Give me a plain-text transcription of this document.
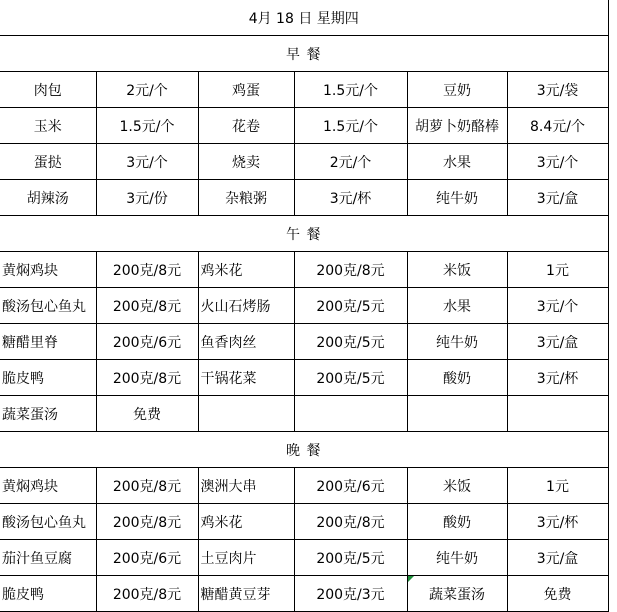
4月 18 日 星期四					
早 餐					
肉包	2元/个	鸡蛋	1.5元/个	豆奶	3元/袋
玉米	1.5元/个	花卷	1.5元/个	胡萝卜奶酪棒	8.4元/个
蛋挞	3元/个	烧卖	2元/个	水果	3元/个
胡辣汤	3元/份	杂粮粥	3元/杯	纯牛奶	3元/盒
午 餐					
黄焖鸡块	200克/8元	鸡米花	200克/8元	米饭	1元
酸汤包心鱼丸	200克/8元	火山石烤肠	200克/5元	水果	3元/个
糖醋里脊	200克/6元	鱼香肉丝	200克/5元	纯牛奶	3元/盒
脆皮鸭	200克/8元	干锅花菜	200克/5元	酸奶	3元/杯
蔬菜蛋汤	免费				
晚 餐					
黄焖鸡块	200克/8元	澳洲大串	200克/6元	米饭	1元
酸汤包心鱼丸	200克/8元	鸡米花	200克/8元	酸奶	3元/杯
茄汁鱼豆腐	200克/6元	土豆肉片	200克/5元	纯牛奶	3元/盒
脆皮鸭	200克/8元	糖醋黄豆芽	200克/3元	蔬菜蛋汤	免费
